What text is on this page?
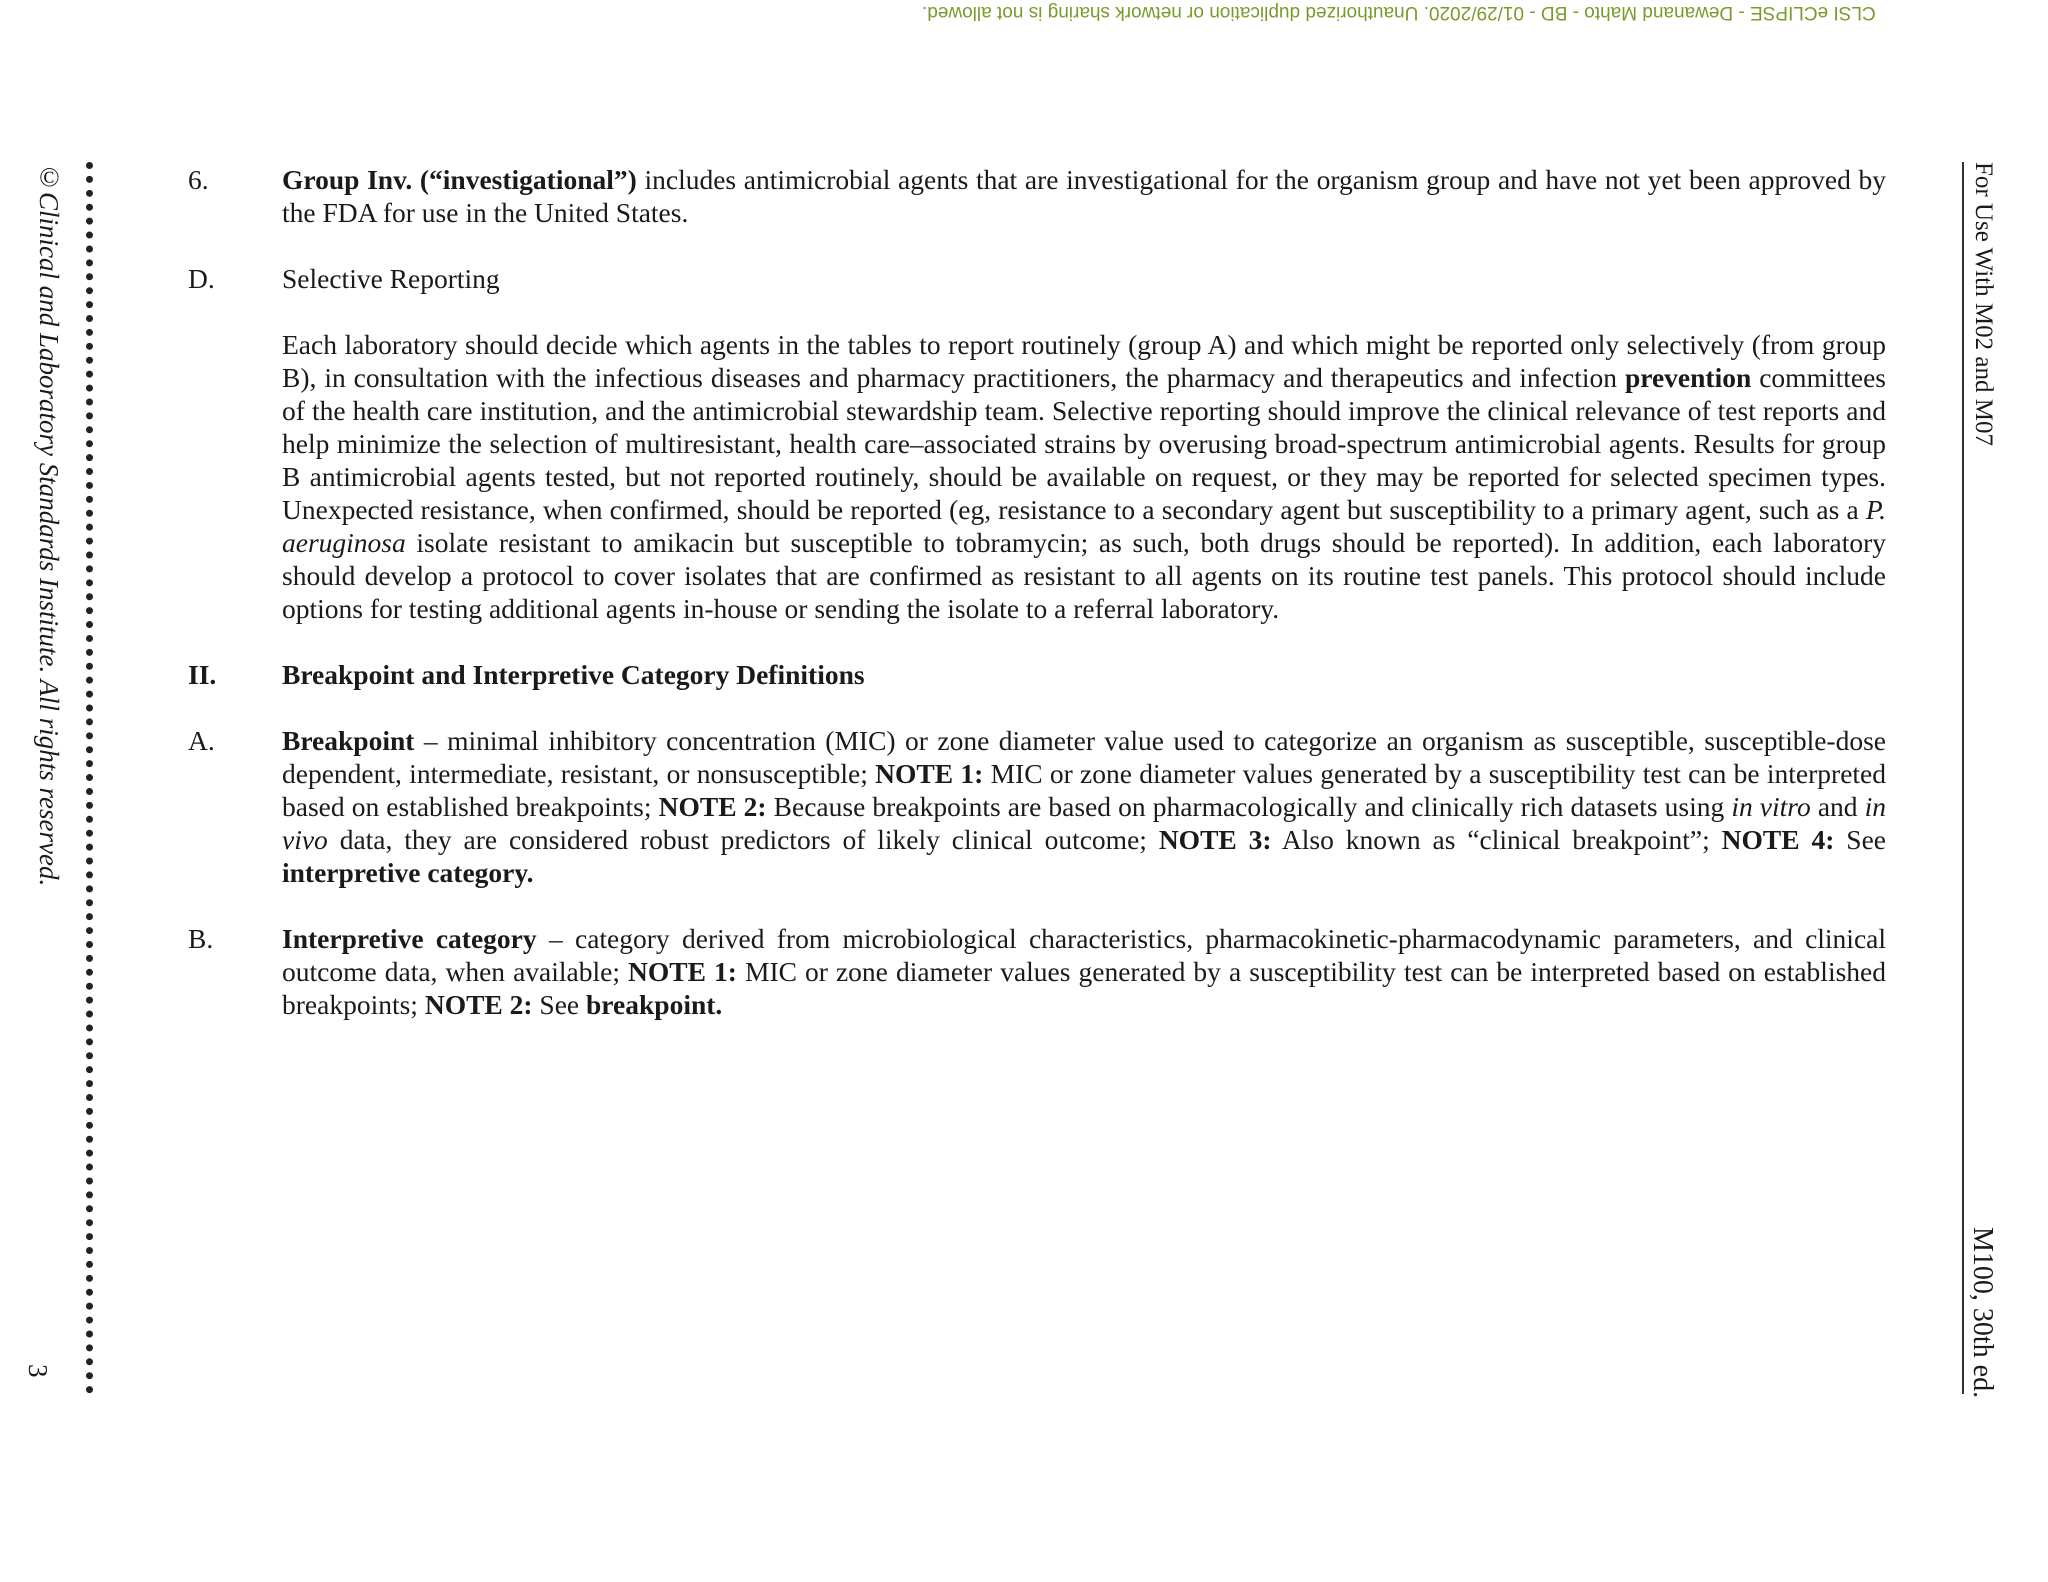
CLSI eCLIPSE - Dewanand Mahto - BD - 01/29/2020. Unauthorized duplication or network sharing is not allowed.
©Clinical and Laboratory Standards Institute. All rights reserved.
3
For Use With M02 and M07
M100, 30th ed.
6.	Group Inv. (“investigational”) includes antimicrobial agents that are investigational for the organism group and have not yet been approved by the FDA for use in the United States.
D.	Selective Reporting
Each laboratory should decide which agents in the tables to report routinely (group A) and which might be reported only selectively (from group B), in consultation with the infectious diseases and pharmacy practitioners, the pharmacy and therapeutics and infection prevention committees of the health care institution, and the antimicrobial stewardship team. Selective reporting should improve the clinical relevance of test reports and help minimize the selection of multiresistant, health care–associated strains by overusing broad-spectrum antimicrobial agents. Results for group B antimicrobial agents tested, but not reported routinely, should be available on request, or they may be reported for selected specimen types. Unexpected resistance, when confirmed, should be reported (eg, resistance to a secondary agent but susceptibility to a primary agent, such as a P. aeruginosa isolate resistant to amikacin but susceptible to tobramycin; as such, both drugs should be reported). In addition, each laboratory should develop a protocol to cover isolates that are confirmed as resistant to all agents on its routine test panels. This protocol should include options for testing additional agents in-house or sending the isolate to a referral laboratory.
II.	Breakpoint and Interpretive Category Definitions
A.	Breakpoint – minimal inhibitory concentration (MIC) or zone diameter value used to categorize an organism as susceptible, susceptible-dose dependent, intermediate, resistant, or nonsusceptible; NOTE 1: MIC or zone diameter values generated by a susceptibility test can be interpreted based on established breakpoints; NOTE 2: Because breakpoints are based on pharmacologically and clinically rich datasets using in vitro and in vivo data, they are considered robust predictors of likely clinical outcome; NOTE 3: Also known as “clinical breakpoint”; NOTE 4: See interpretive category.
B.	Interpretive category – category derived from microbiological characteristics, pharmacokinetic-pharmacodynamic parameters, and clinical outcome data, when available; NOTE 1: MIC or zone diameter values generated by a susceptibility test can be interpreted based on established breakpoints; NOTE 2: See breakpoint.
